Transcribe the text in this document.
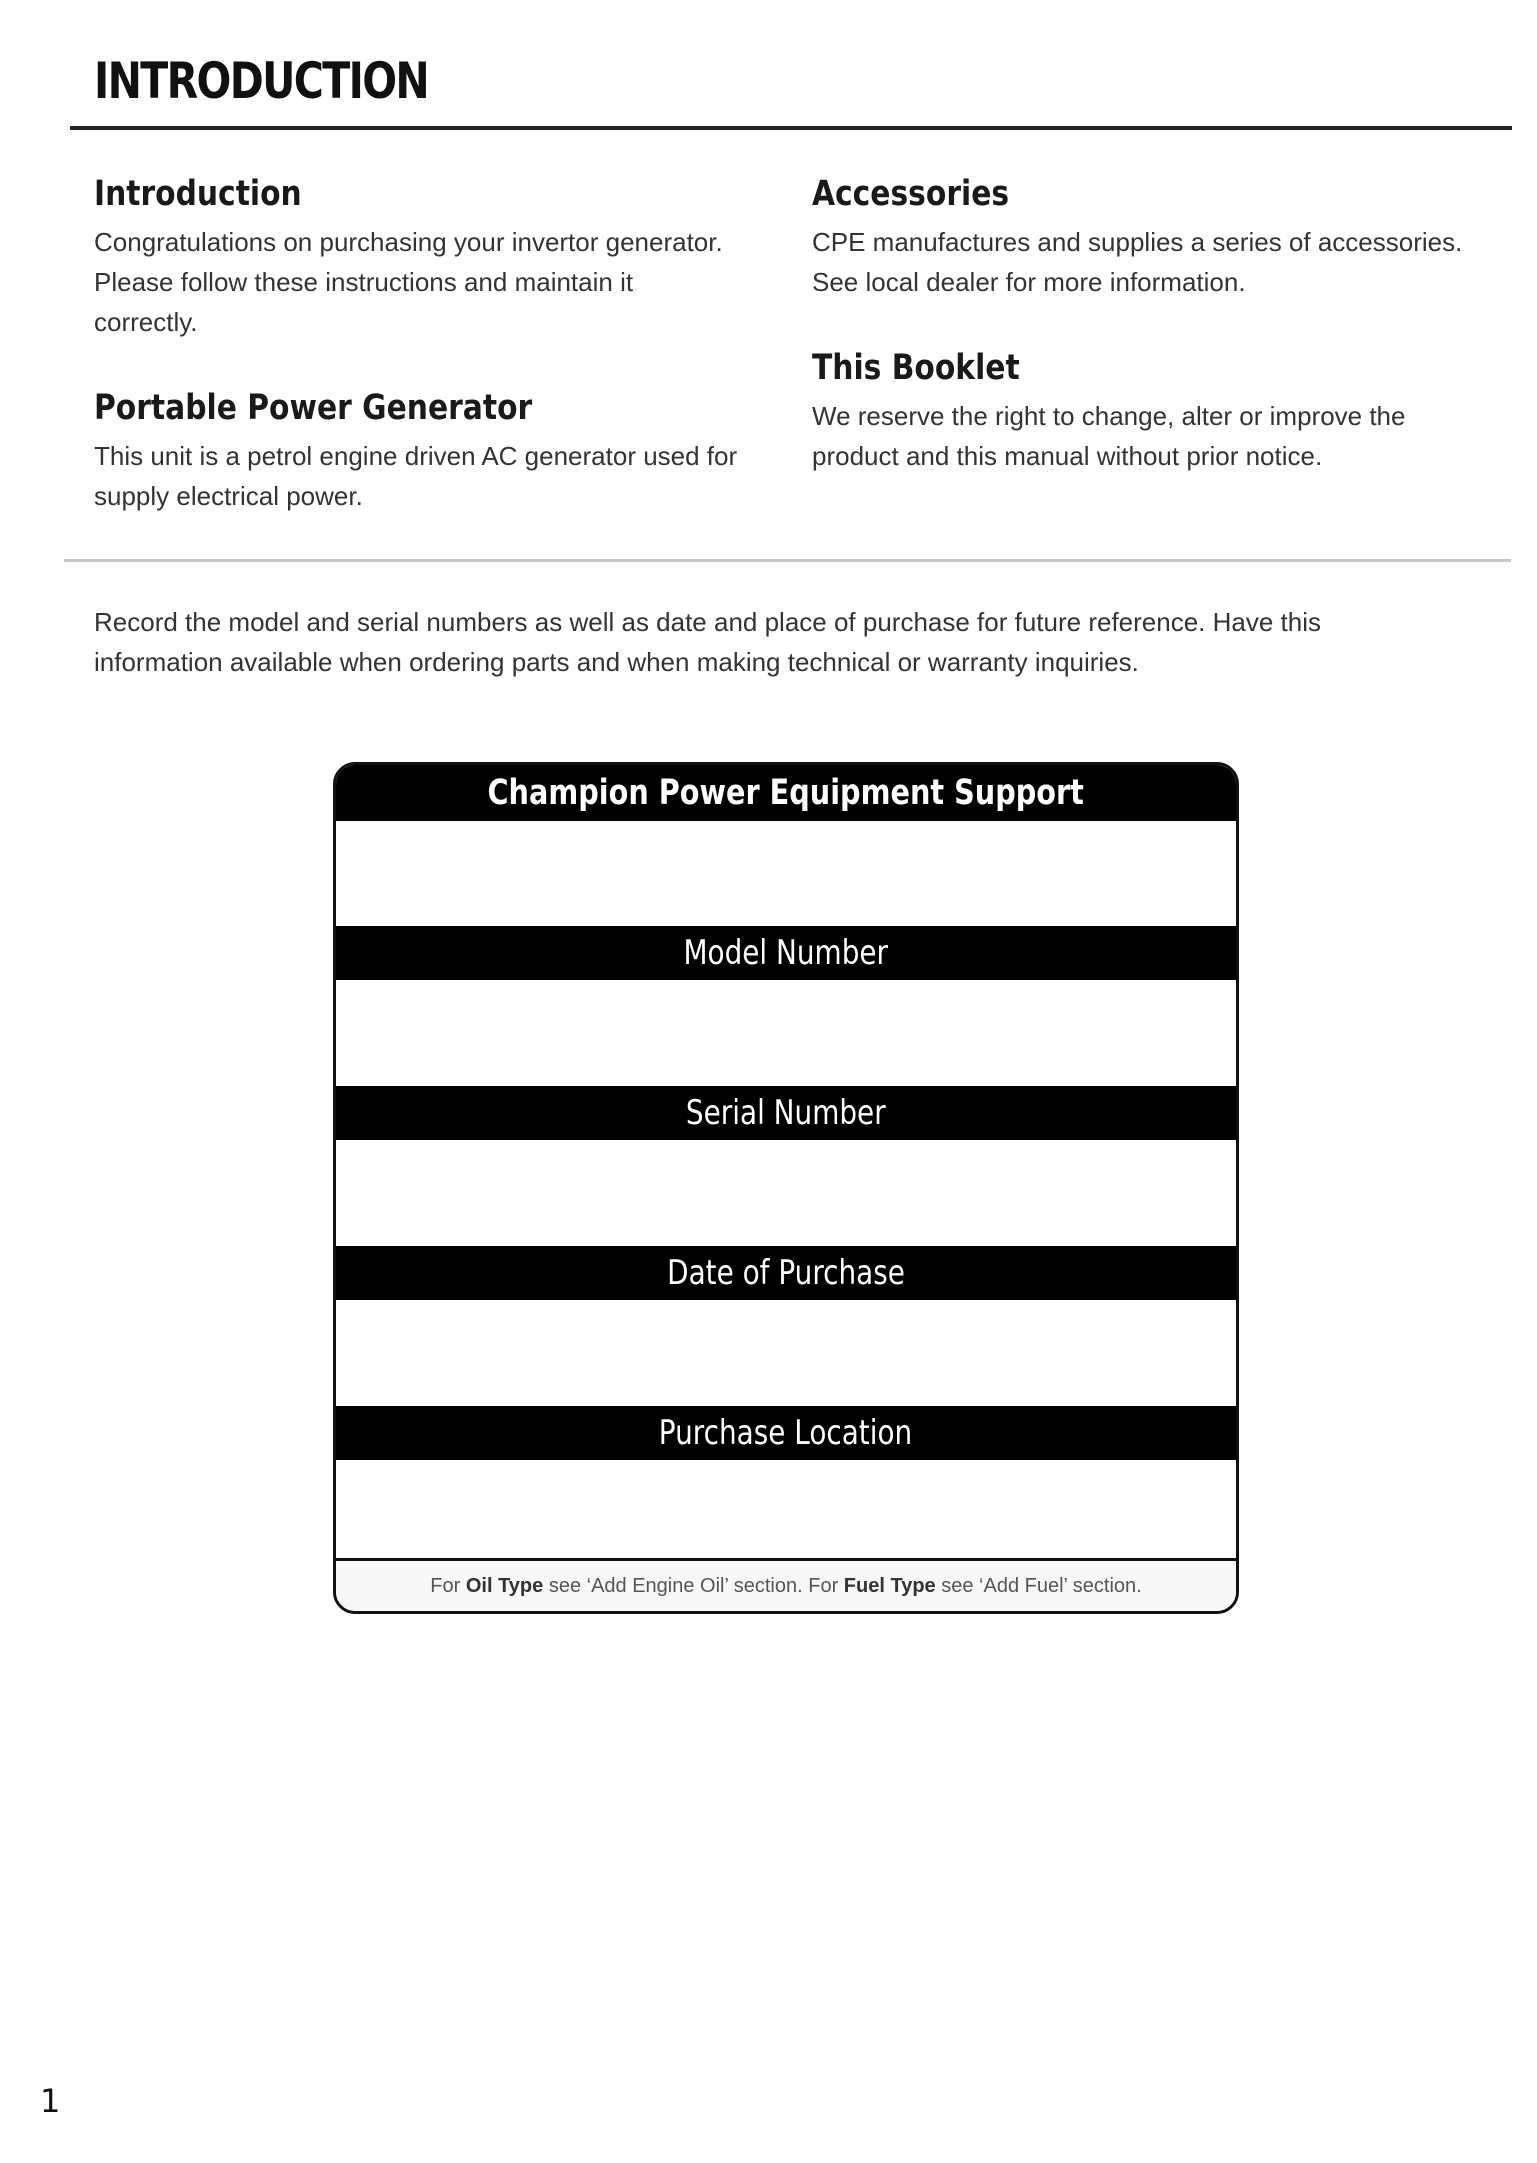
INTRODUCTION
Introduction

Congratulations on purchasing your invertor generator.
Please follow these instructions and maintain it
correctly.

Portable Power Generator

This unit is a petrol engine driven AC generator used for
supply electrical power.

Accessories

CPE manufactures and supplies a series of accessories.
See local dealer for more information.

This Booklet

We reserve the right to change, alter or improve the
product and this manual without prior notice.

Record the model and serial numbers as well as date and place of purchase for future reference. Have this
information available when ordering parts and when making technical or warranty inquiries.

Champion Power Equipment Support
Model Number
Serial Number
Date of Purchase
Purchase Location
For Oil Type see ‘Add Engine Oil’ section. For Fuel Type see ‘Add Fuel’ section.
1
